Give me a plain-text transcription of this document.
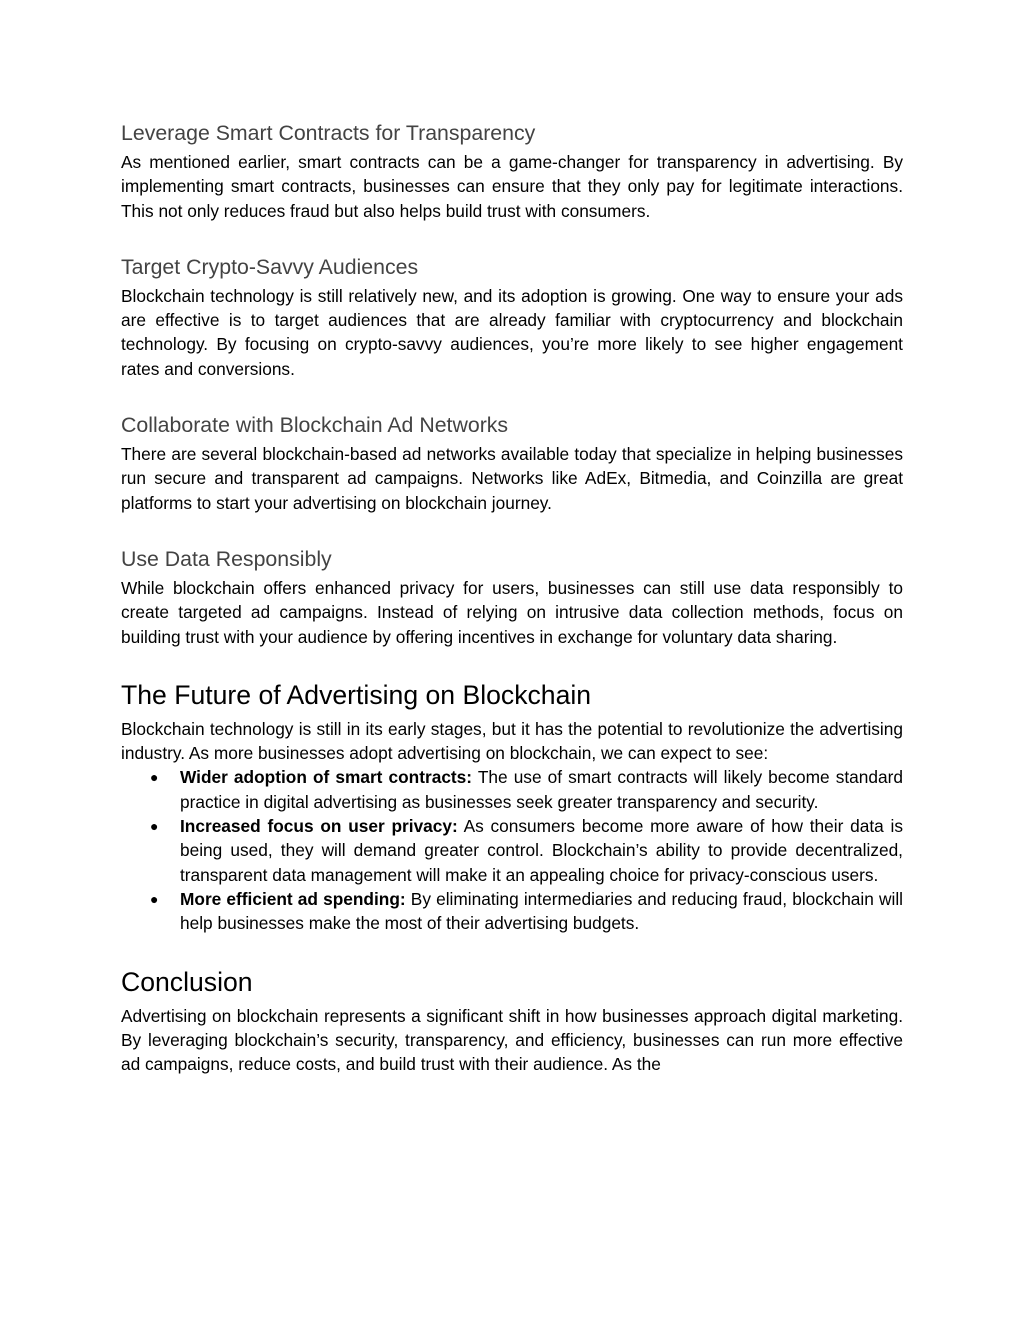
Leverage Smart Contracts for Transparency

As mentioned earlier, smart contracts can be a game-changer for transparency in advertising. By implementing smart contracts, businesses can ensure that they only pay for legitimate interactions. This not only reduces fraud but also helps build trust with consumers.

Target Crypto-Savvy Audiences

Blockchain technology is still relatively new, and its adoption is growing. One way to ensure your ads are effective is to target audiences that are already familiar with cryptocurrency and blockchain technology. By focusing on crypto-savvy audiences, you’re more likely to see higher engagement rates and conversions.

Collaborate with Blockchain Ad Networks

There are several blockchain-based ad networks available today that specialize in helping businesses run secure and transparent ad campaigns. Networks like AdEx, Bitmedia, and Coinzilla are great platforms to start your advertising on blockchain journey.

Use Data Responsibly

While blockchain offers enhanced privacy for users, businesses can still use data responsibly to create targeted ad campaigns. Instead of relying on intrusive data collection methods, focus on building trust with your audience by offering incentives in exchange for voluntary data sharing.

The Future of Advertising on Blockchain

Blockchain technology is still in its early stages, but it has the potential to revolutionize the advertising industry. As more businesses adopt advertising on blockchain, we can expect to see:

● Wider adoption of smart contracts: The use of smart contracts will likely become standard practice in digital advertising as businesses seek greater transparency and security.
● Increased focus on user privacy: As consumers become more aware of how their data is being used, they will demand greater control. Blockchain’s ability to provide decentralized, transparent data management will make it an appealing choice for privacy-conscious users.
● More efficient ad spending: By eliminating intermediaries and reducing fraud, blockchain will help businesses make the most of their advertising budgets.
Conclusion

Advertising on blockchain represents a significant shift in how businesses approach digital marketing. By leveraging blockchain’s security, transparency, and efficiency, businesses can run more effective ad campaigns, reduce costs, and build trust with their audience. As the
